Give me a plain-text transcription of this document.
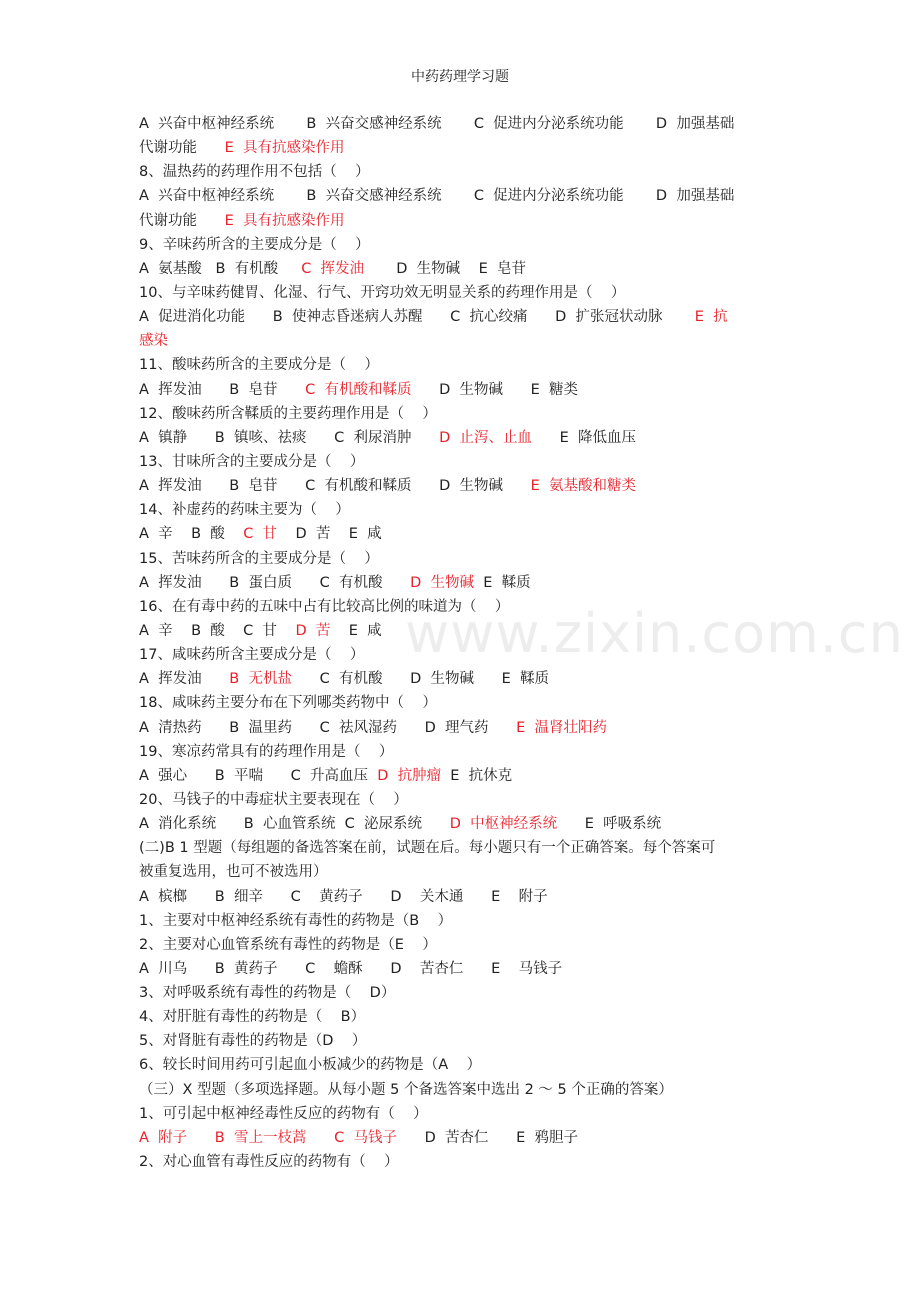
中药药理学习题
www.zixin.com.cn
A  兴奋中枢神经系统       B  兴奋交感神经系统       C  促进内分泌系统功能       D  加强基础
代谢功能      E  具有抗感染作用
8、温热药的药理作用不包括（    ）
A  兴奋中枢神经系统       B  兴奋交感神经系统       C  促进内分泌系统功能       D  加强基础
代谢功能      E  具有抗感染作用
9、辛味药所含的主要成分是（    ）
A  氨基酸   B  有机酸     C  挥发油       D  生物碱    E  皂苷
10、与辛味药健胃、化湿、行气、开窍功效无明显关系的药理作用是（    ）
A  促进消化功能      B  使神志昏迷病人苏醒      C  抗心绞痛      D  扩张冠状动脉       E  抗
感染
11、酸味药所含的主要成分是（    ）
A  挥发油      B  皂苷      C  有机酸和鞣质      D  生物碱      E  糖类
12、酸味药所含鞣质的主要药理作用是（    ）
A  镇静      B  镇咳、祛痰      C  利尿消肿      D  止泻、止血      E  降低血压
13、甘味所含的主要成分是（    ）
A  挥发油      B  皂苷      C  有机酸和鞣质      D  生物碱      E  氨基酸和糖类
14、补虚药的药味主要为（    ）
A  辛    B  酸    C  甘    D  苦    E  咸
15、苦味药所含的主要成分是（    ）
A  挥发油      B  蛋白质      C  有机酸      D  生物碱  E  鞣质
16、在有毒中药的五味中占有比较高比例的味道为（    ）
A  辛    B  酸    C  甘    D  苦    E  咸
17、咸味药所含主要成分是（    ）
A  挥发油      B  无机盐      C  有机酸      D  生物碱      E  鞣质
18、咸味药主要分布在下列哪类药物中（    ）
A  清热药      B  温里药      C  祛风湿药      D  理气药      E  温肾壮阳药
19、寒凉药常具有的药理作用是（    ）
A  强心      B  平喘      C  升高血压  D  抗肿瘤  E  抗休克
20、马钱子的中毒症状主要表现在（    ）
A  消化系统      B  心血管系统  C  泌尿系统      D  中枢神经系统      E  呼吸系统
(二)B 1 型题（每组题的备选答案在前，试题在后。每小题只有一个正确答案。每个答案可
被重复选用，也可不被选用）
A  槟榔      B  细辛      C    黄药子      D    关木通      E    附子
1、主要对中枢神经系统有毒性的药物是（B    ）
2、主要对心血管系统有毒性的药物是（E    ）
A  川乌      B  黄药子      C    蟾酥      D    苦杏仁      E    马钱子
3、对呼吸系统有毒性的药物是（    D）
4、对肝脏有毒性的药物是（    B）
5、对肾脏有毒性的药物是（D    ）
6、较长时间用药可引起血小板减少的药物是（A    ）
（三）X 型题（多项选择题。从每小题 5 个备选答案中选出 2 ～ 5 个正确的答案）
1、可引起中枢神经毒性反应的药物有（    ）
A  附子      B  雪上一枝蒿      C  马钱子      D  苦杏仁      E  鸦胆子
2、对心血管有毒性反应的药物有（    ）
